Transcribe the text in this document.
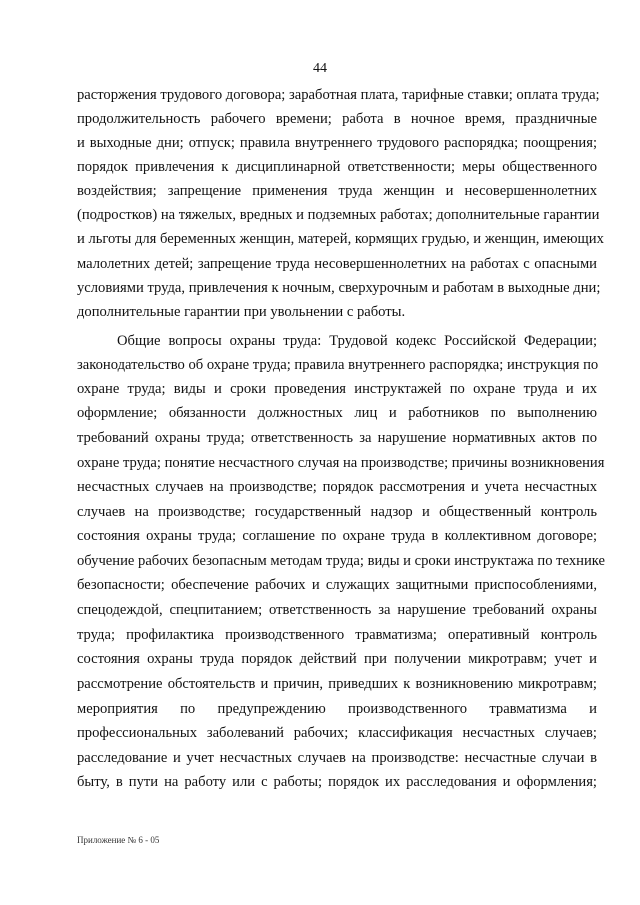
44
расторжения трудового договора; заработная плата, тарифные ставки; оплата труда;
продолжительность рабочего времени; работа в ночное время, праздничные
и выходные дни; отпуск; правила внутреннего трудового распорядка; поощрения;
порядок привлечения к дисциплинарной ответственности; меры общественного
воздействия; запрещение применения труда женщин и несовершеннолетних
(подростков) на тяжелых, вредных и подземных работах; дополнительные гарантии
и льготы для беременных женщин, матерей, кормящих грудью, и женщин, имеющих
малолетних детей; запрещение труда несовершеннолетних на работах с опасными
условиями труда, привлечения к ночным, сверхурочным и работам в выходные дни;
дополнительные гарантии при увольнении с работы.
Общие вопросы охраны труда: Трудовой кодекс Российской Федерации;
законодательство об охране труда; правила внутреннего распорядка; инструкция по
охране труда; виды и сроки проведения инструктажей по охране труда и их
оформление; обязанности должностных лиц и работников по выполнению
требований охраны труда; ответственность за нарушение нормативных актов по
охране труда; понятие несчастного случая на производстве; причины возникновения
несчастных случаев на производстве; порядок рассмотрения и учета несчастных
случаев на производстве; государственный надзор и общественный контроль
состояния охраны труда; соглашение по охране труда в коллективном договоре;
обучение рабочих безопасным методам труда; виды и сроки инструктажа по технике
безопасности; обеспечение рабочих и служащих защитными приспособлениями,
спецодеждой, спецпитанием; ответственность за нарушение требований охраны
труда; профилактика производственного травматизма; оперативный контроль
состояния охраны труда порядок действий при получении микротравм; учет и
рассмотрение обстоятельств и причин, приведших к возникновению микротравм;
мероприятия по предупреждению производственного травматизма и
профессиональных заболеваний рабочих; классификация несчастных случаев;
расследование и учет несчастных случаев на производстве: несчастные случаи в
быту, в пути на работу или с работы; порядок их расследования и оформления;
Приложение № 6 - 05
